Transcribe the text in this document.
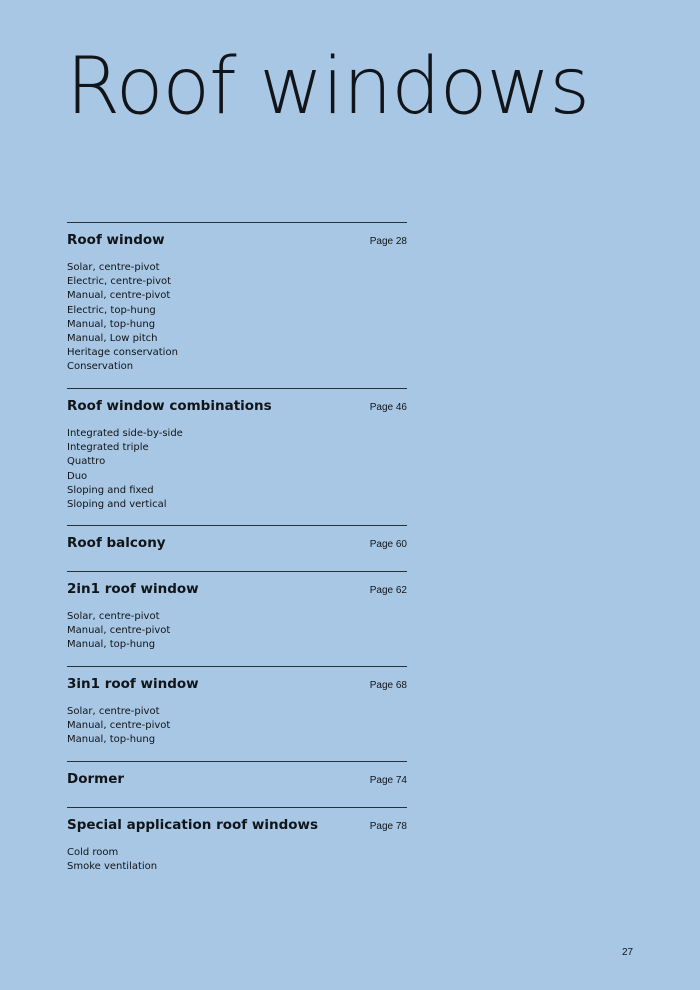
Roof windows
Roof window	Page 28
Solar, centre-pivot
Electric, centre-pivot
Manual, centre-pivot
Electric, top-hung
Manual, top-hung
Manual, Low pitch
Heritage conservation
Conservation
Roof window combinations	Page 46
Integrated side-by-side
Integrated triple
Quattro
Duo
Sloping and fixed
Sloping and vertical
Roof balcony	Page 60
2in1 roof window	Page 62
Solar, centre-pivot
Manual, centre-pivot
Manual, top-hung
3in1 roof window	Page 68
Solar, centre-pivot
Manual, centre-pivot
Manual, top-hung
Dormer	Page 74
Special application roof windows	Page 78
Cold room
Smoke ventilation
27
